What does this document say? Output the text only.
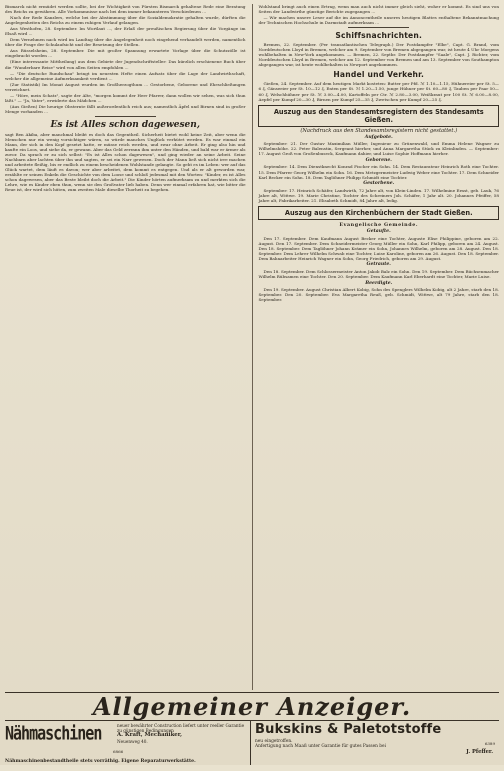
Bismarck nicht ermüdet werden sollte, bei der Wichtigkeit von Fürsten Bismarck gehaltene Rede eine Beratung des Reichs zu gewähren. Alle Vorkommnisse nach bei dem immer bekannteren Verschiedenen ...

Nach der Rede Kanzlers, welche bei der Abstimmung über die Sozialdemokratie gehalten wurde, dürften die Angelegenheiten des Reichs zu einem ruhigen Verlauf gelangen.

Aus Westhofen, 28. September. Im Wortlaut ..., der Erlaß der preußischen Regierung über die Vorgänge im Elsaß wird ...

Dem Vernehmen nach wird im Landtag über die Angelegenheit noch eingehend verhandelt werden, namentlich über die Frage der Schulaufsicht und der Besetzung der Stellen.

Aus Rüsselsheim, 28. September. Die mit großer Spannung erwartete Vorlage über die Schutzzölle ist eingebracht worden ...

(Eine interessante Mittheilung) aus dem Gebiete der Jugendschriftsteller: Das kürzlich erschienene Buch über die "Wunderbare Reise" wird von allen Seiten empfohlen ...

— "Die deutsche Rundschau" bringt im neuesten Hefte einen Aufsatz über die Lage der Landwirthschaft, welcher die allgemeine Aufmerksamkeit verdient ...

(Zur Statistik) Im Monat August wurden im Großherzogthum ... Gestorbene, Geborene und Eheschließungen verzeichnet.

— "Höre, mein Schatz", sagte der Alte, "morgen kommt der Herr Pfarrer, dann wollen wir sehen, was sich thun läßt." — "Ja, Vater", erwiderte das Mädchen ...

(Aus Gießen) Die heurige Obsternte fällt außerordentlich reich aus; namentlich Äpfel und Birnen sind in großer Menge vorhanden ...

Es ist Alles schon dagewesen,

sagt Ben Akiba, aber manchmal bleibt es doch das Gegentheil. Sicherheit bietet wohl keine Zeit, aber wenn die Menschen nur ein wenig vorsichtiger wären, so würde manches Unglück verhütet werden. Es war einmal ein Mann, der sich in den Kopf gesetzt hatte, er müsse reich werden, und zwar ohne Arbeit. Er ging also hin und kaufte ein Loos, und siehe da, er gewann. Aber das Geld zerrann ihm unter den Händen, und bald war er ärmer als zuvor. Da sprach er zu sich selbst: "Es ist Alles schon dagewesen", und ging wieder an seine Arbeit. Seine Nachbarn aber lachten über ihn und sagten, er sei ein Narr gewesen. Doch der Mann ließ sich nicht irre machen und arbeitete fleißig, bis er endlich zu einem bescheidenen Wohlstande gelangte. So geht es im Leben: wer auf das Glück wartet, dem läuft es davon; wer aber arbeitet, dem kommt es entgegen. Und als er alt geworden war, erzählte er seinen Enkeln die Geschichte von dem Loose und schloß jedesmal mit den Worten: "Kinder, es ist Alles schon dagewesen, aber das Beste bleibt doch die Arbeit." Die Kinder hörten aufmerksam zu und merkten sich die Lehre, wie es Kinder eben thun, wenn sie den Großvater lieb haben. Denn wer einmal erfahren hat, wie bitter die Reue ist, der wird sich hüten, zum zweiten Male dieselbe Thorheit zu begehen.

Wohlstand bringt auch einen Ertrag, wenn man auch nicht immer gleich sieht, woher er kommt. Es sind uns von Seiten der Landwirthe günstige Berichte zugegangen ...

— Wir machen unsere Leser auf die im Annoncentheile unseres heutigen Blattes enthaltene Bekanntmachung der Technischen Hochschule in Darmstadt aufmerksam ...

Schiffsnachrichten.

Bremen, 22. September. (Per transatlantischen Telegraph.) Der Postdampfer "Elbe", Capt. G. Brand, vom Norddeutschen Lloyd in Bremen, welcher am 9. September von Bremen abgegangen war, ist heute 4 Uhr Morgens wohlbehalten in New-York angekommen. — Bremen, 22. Septbr. Der Postdampfer "Saale", Capt. J. Richter, vom Norddeutschen Lloyd in Bremen, welcher am 12. September von Bremen und am 13. September von Southampton abgegangen war, ist heute wohlbehalten in Newport angekommen.

Handel und Verkehr.

Gießen, 24. September. Auf dem heutigen Markt kosteten: Butter per Pfd. ℳ 1.10—1.15, Hühnereier per St. 5—6 ₰, Gänseeier per St. 10—12 ₰, Enten per St. ℳ 1.20—1.50, junge Hühner per St. 60—80 ₰, Tauben per Paar 50—60 ₰, Welschhühner per St. ℳ 3.00—4.00, Kartoffeln per Ctr. ℳ 2.80—3.00, Weißkraut per 100 St. ℳ 6.00—8.00, Aepfel per Kumpf 20—30 ₰, Birnen per Kumpf 25—35 ₰, Zwetschen per Kumpf 20—25 ₰.

Auszug aus den Standesamtsregistern des Standesamts Gießen.
(Nachdruck aus den Standesamtsregistern nicht gestattet.)
Aufgebote.

September: 21. Der Gustav Maximilian Müller, Ingenieur zu Grünenwald, und Emma Helene Wagner zu Wilhelmshöhe. 22. Peter Balenstin, Sergeant hierher, und Anna Margaretha Stück zu Kleinlinden. — September: 17. August Groß von Großenbuseck, Kaufmann dahier, und Luise Sophie Hoffmann hierher.

Geborene.

September: 14. Dem Dienstknecht Konrad Fischer ein Sohn. 14. Dem Restaurateur Heinrich Roth eine Tochter. 15. Dem Pfarrer Georg Wilhelm ein Sohn. 16. Dem Metzgermeister Ludwig Weber eine Tochter. 17. Dem Schneider Karl Becker ein Sohn. 18. Dem Taglöhner Philipp Schmidt eine Tochter.

Gestorbene.

September: 17. Heinrich Schäfer, Landwirth, 72 Jahre alt, von Klein-Linden. 17. Wilhelmine Ernst, geb. Lauk, 76 Jahre alt, Wittwe. 19. Marie Christine, Tochter des Schreiners Joh. Schäfer, 1 Jahr alt. 20. Johannes Pfeiffer, 58 Jahre alt, Fabrikarbeiter. 21. Elisabeth Schmidt, 84 Jahre alt, ledig.

Auszug aus den Kirchenbüchern der Stadt Gießen.
Evangelische Gemeinde.
Getaufte.

Den 17. September. Dem Kaufmann August Becker eine Tochter, Auguste Elise Philippine, geboren am 22. August. Den 17. September. Dem Schneidermeister Georg Müller ein Sohn, Karl Philipp, geboren am 24. August. Den 18. September. Dem Taglöhner Johann Krämer ein Sohn, Johannes Wilhelm, geboren am 28. August. Den 18. September. Dem Lehrer Wilhelm Schwab eine Tochter, Luise Karoline, geboren am 26. August. Den 18. September. Dem Bahnarbeiter Heinrich Wagner ein Sohn, Georg Friedrich, geboren am 29. August.

Getraute.

Den 18. September. Dem Schlossermeister Anton Jakob Balz ein Sohn. Den 19. September. Dem Büchsenmacher Wilhelm Rübsamen eine Tochter. Den 20. September. Dem Kaufmann Karl Eberhardt eine Tochter, Marie Luise.

Beerdigte.

Den 19. September. August Christian Albert Kobig, Sohn des Spenglers Wilhelm Kobig, alt 2 Jahre, starb den 18. September. Den 20. September. Eva Margaretha Reuß, geb. Schmidt, Wittwe, alt 79 Jahre, starb den 18. September.

Allgemeiner Anzeiger.
Nähmaschinen	neuer bewährter Construction liefert unter reeller Garantie zu günstigen Bedingungen
A. Kraft, Mechaniker,
Neuenweg 40.
6866
Nähmaschinenbestandtheile stets vorräthig. Eigene Reparaturwerkstätte.
Bukskins & Paletotstoffe
neu eingetroffen.	6389
Anfertigung nach Maaß unter Garantie für gutes Passen bei
J. Pfeffer.
